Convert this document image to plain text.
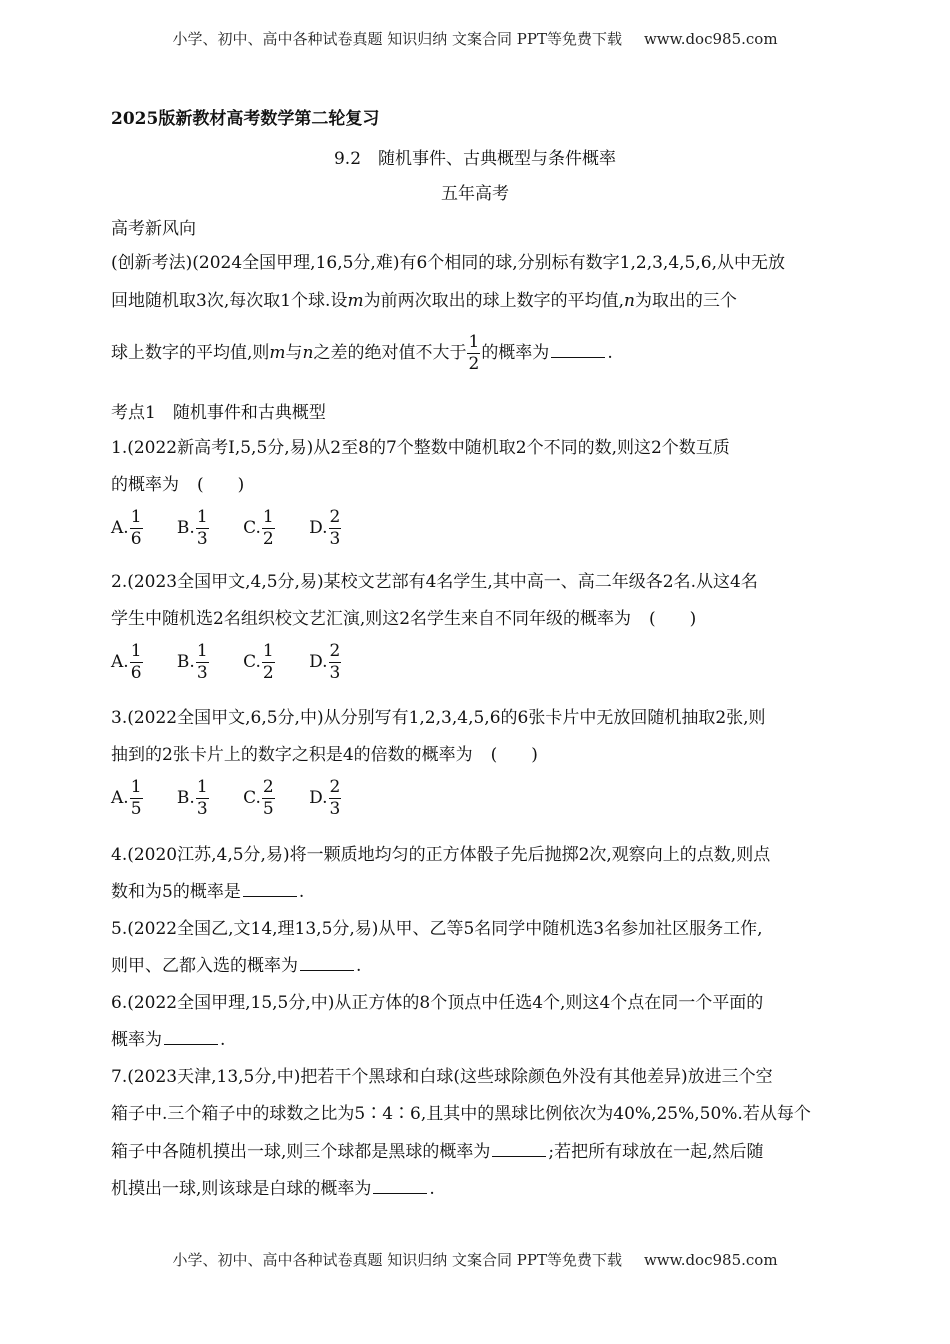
小学、初中、高中各种试卷真题 知识归纳 文案合同 PPT等免费下载 www.doc985.com
2025版新教材高考数学第二轮复习
9.2　随机事件、古典概型与条件概率
五年高考
高考新风向
(创新考法)(2024全国甲理,16,5分,难)有6个相同的球,分别标有数字1,2,3,4,5,6,从中无放
回地随机取3次,每次取1个球.设m为前两次取出的球上数字的平均值,n为取出的三个
球上数字的平均值,则m与n之差的绝对值不大于 $\frac{1}{2}$ 的概率为	.
考点1　随机事件和古典概型
1.(2022新高考Ⅰ,5,5分,易)从2至8的7个整数中随机取2个不同的数,则这2个数互质
的概率为 (　　)
A. $\frac{1}{6} B$. $\frac{1}{3} C$. $\frac{1}{2} D$. $\frac{2}{3}$
2.(2023全国甲文,4,5分,易)某校文艺部有4名学生,其中高一、高二年级各2名.从这4名
学生中随机选2名组织校文艺汇演,则这2名学生来自不同年级的概率为 (　　)
A. $\frac{1}{6} B$. $\frac{1}{3} C$. $\frac{1}{2} D$. $\frac{2}{3}$
3.(2022全国甲文,6,5分,中)从分别写有1,2,3,4,5,6的6张卡片中无放回随机抽取2张,则
抽到的2张卡片上的数字之积是4的倍数的概率为 (　　)
A. $\frac{1}{5} B$. $\frac{1}{3} C$. $\frac{2}{5} D$. $\frac{2}{3}$
4.(2020江苏,4,5分,易)将一颗质地均匀的正方体骰子先后抛掷2次,观察向上的点数,则点
数和为5的概率是	.
5.(2022全国乙,文14,理13,5分,易)从甲、乙等5名同学中随机选3名参加社区服务工作,
则甲、乙都入选的概率为	.
6.(2022全国甲理,15,5分,中)从正方体的8个顶点中任选4个,则这4个点在同一个平面的
概率为	.
7.(2023天津,13,5分,中)把若干个黑球和白球(这些球除颜色外没有其他差异)放进三个空
箱子中.三个箱子中的球数之比为5∶4∶6,且其中的黑球比例依次为40%,25%,50%.若从每个
箱子中各随机摸出一球,则三个球都是黑球的概率为	;若把所有球放在一起,然后随
机摸出一球,则该球是白球的概率为	.
小学、初中、高中各种试卷真题 知识归纳 文案合同 PPT等免费下载 www.doc985.com
